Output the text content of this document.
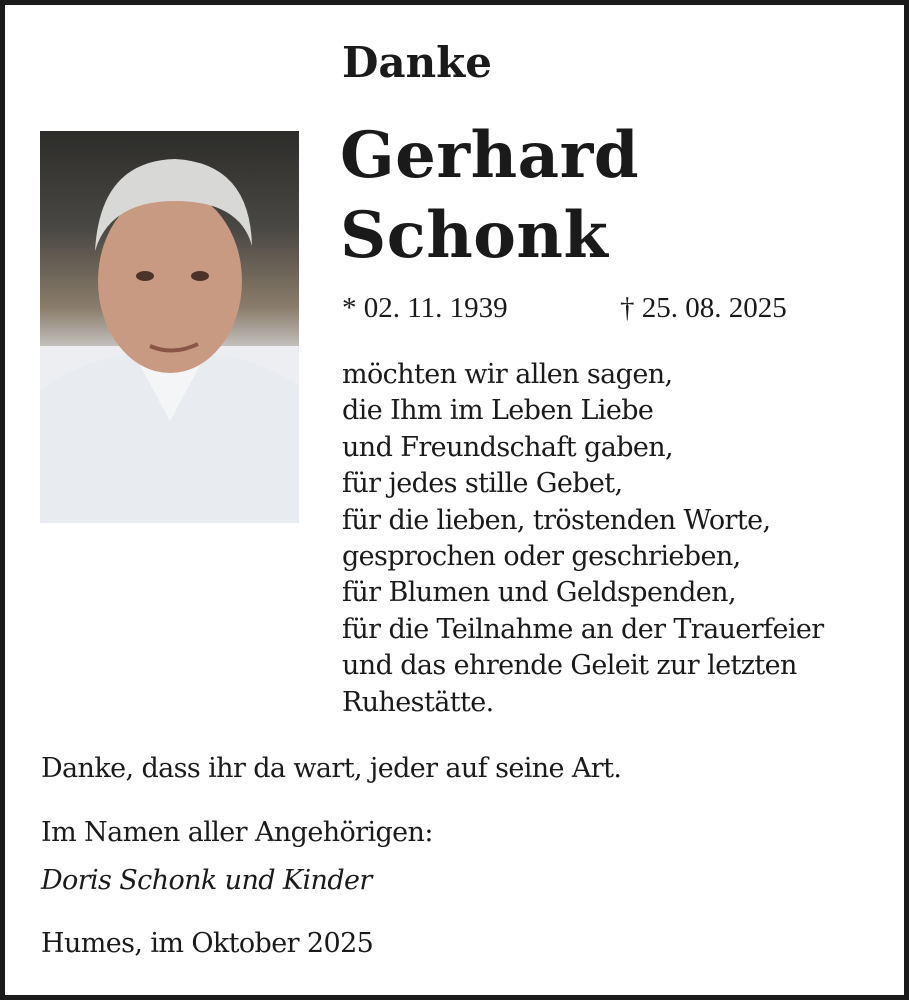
Danke
Gerhard
Schonk
* 02. 11. 1939	† 25. 08. 2025
möchten wir allen sagen,
die Ihm im Leben Liebe
und Freundschaft gaben,
für jedes stille Gebet,
für die lieben, tröstenden Worte,
gesprochen oder geschrieben,
für Blumen und Geldspenden,
für die Teilnahme an der Trauerfeier
und das ehrende Geleit zur letzten
Ruhestätte.
Danke, dass ihr da wart, jeder auf seine Art.
Im Namen aller Angehörigen:
Doris Schonk und Kinder
Humes, im Oktober 2025
